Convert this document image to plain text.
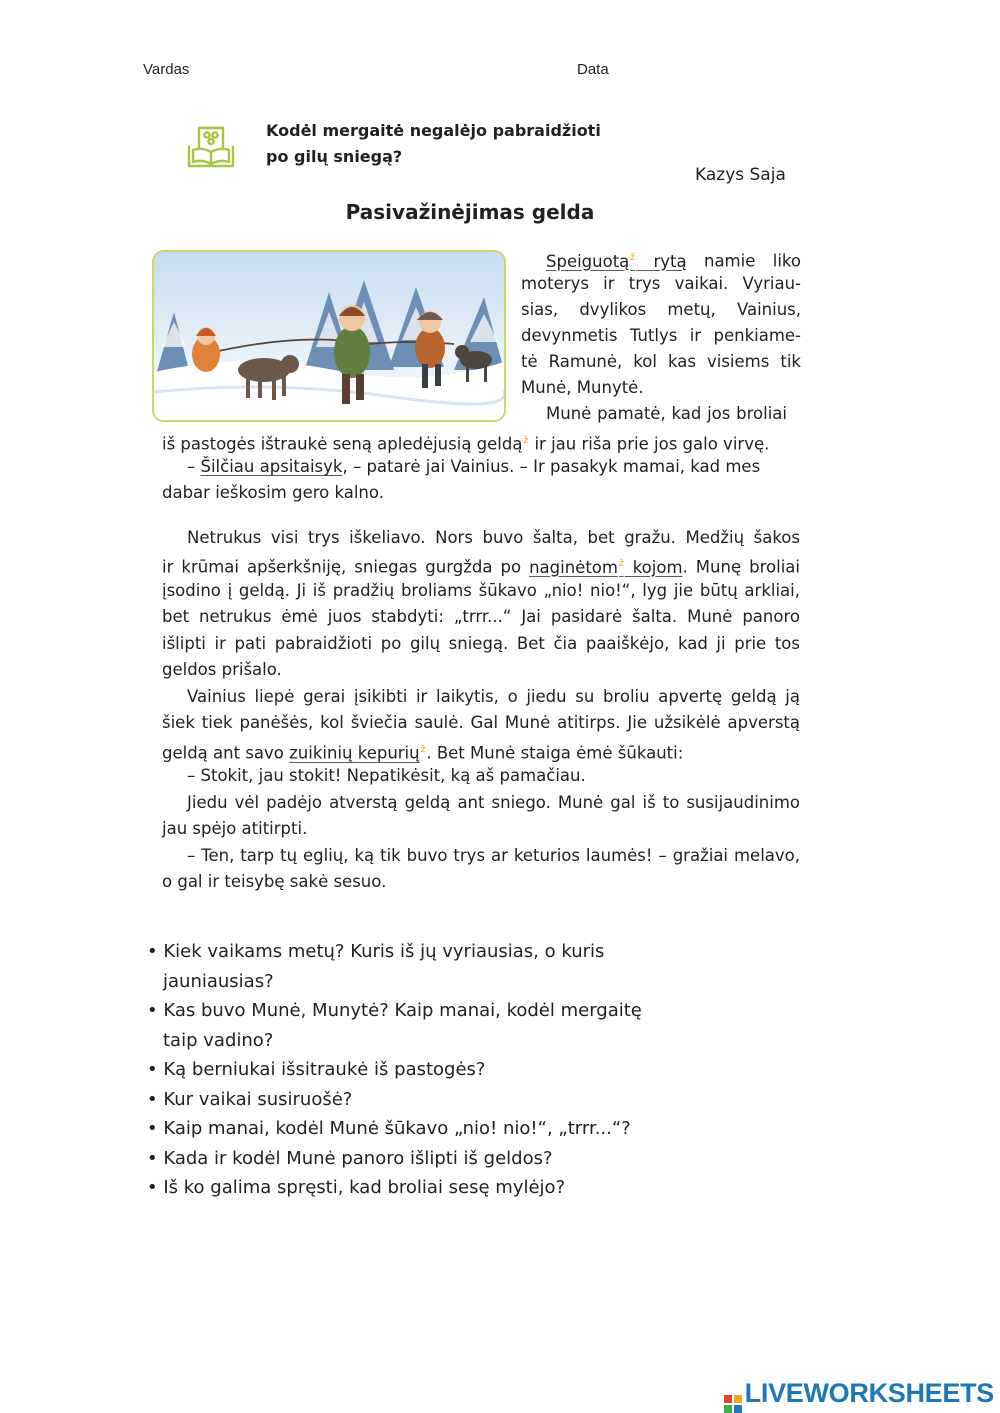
Vardas	Data
Kodėl mergaitė negalėjo pabraidžioti
po gilų sniegą?
Kazys Saja
Pasivažinėjimas gelda
Speiguotą$^ž$ rytą namie liko
moterys ir trys vaikai. Vyriau-
sias, dvylikos metų, Vainius,
devynmetis Tutlys ir penkiame-
tė Ramunė, kol kas visiems tik
Munė, Munytė.
Munė pamatė, kad jos broliai
iš pastogės ištraukė seną apledėjusią geldą$^ž$ ir jau riša prie jos galo virvę.
– Šilčiau apsitaisyk, – patarė jai Vainius. – Ir pasakyk mamai, kad mes
dabar ieškosim gero kalno.
Netrukus visi trys iškeliavo. Nors buvo šalta, bet gražu. Medžių šakos
ir krūmai apšerkšniję, sniegas gurgžda po naginėtom$^ž$ kojom. Munę broliai
įsodino į geldą. Ji iš pradžių broliams šūkavo „nio! nio!“, lyg jie būtų arkliai,
bet netrukus ėmė juos stabdyti: „trrr...“ Jai pasidarė šalta. Munė panoro
išlipti ir pati pabraidžioti po gilų sniegą. Bet čia paaiškėjo, kad ji prie tos
geldos prišalo.
Vainius liepė gerai įsikibti ir laikytis, o jiedu su broliu apvertę geldą ją
šiek tiek panėšės, kol šviečia saulė. Gal Munė atitirps. Jie užsikėlė apverstą
geldą ant savo zuikinių kepurių$^ž$. Bet Munė staiga ėmė šūkauti:
– Stokit, jau stokit! Nepatikėsit, ką aš pamačiau.
Jiedu vėl padėjo atverstą geldą ant sniego. Munė gal iš to susijaudinimo
jau spėjo atitirpti.
– Ten, tarp tų eglių, ką tik buvo trys ar keturios laumės! – gražiai melavo,
o gal ir teisybę sakė sesuo.
• Kiek vaikams metų? Kuris iš jų vyriausias, o kuris
jauniausias?
• Kas buvo Munė, Munytė? Kaip manai, kodėl mergaitę
taip vadino?
• Ką berniukai išsitraukė iš pastogės?
• Kur vaikai susiruošė?
• Kaip manai, kodėl Munė šūkavo „nio! nio!“, „trrr...“?
• Kada ir kodėl Munė panoro išlipti iš geldos?
• Iš ko galima spręsti, kad broliai sesę mylėjo?
LIVEWORKSHEETS
